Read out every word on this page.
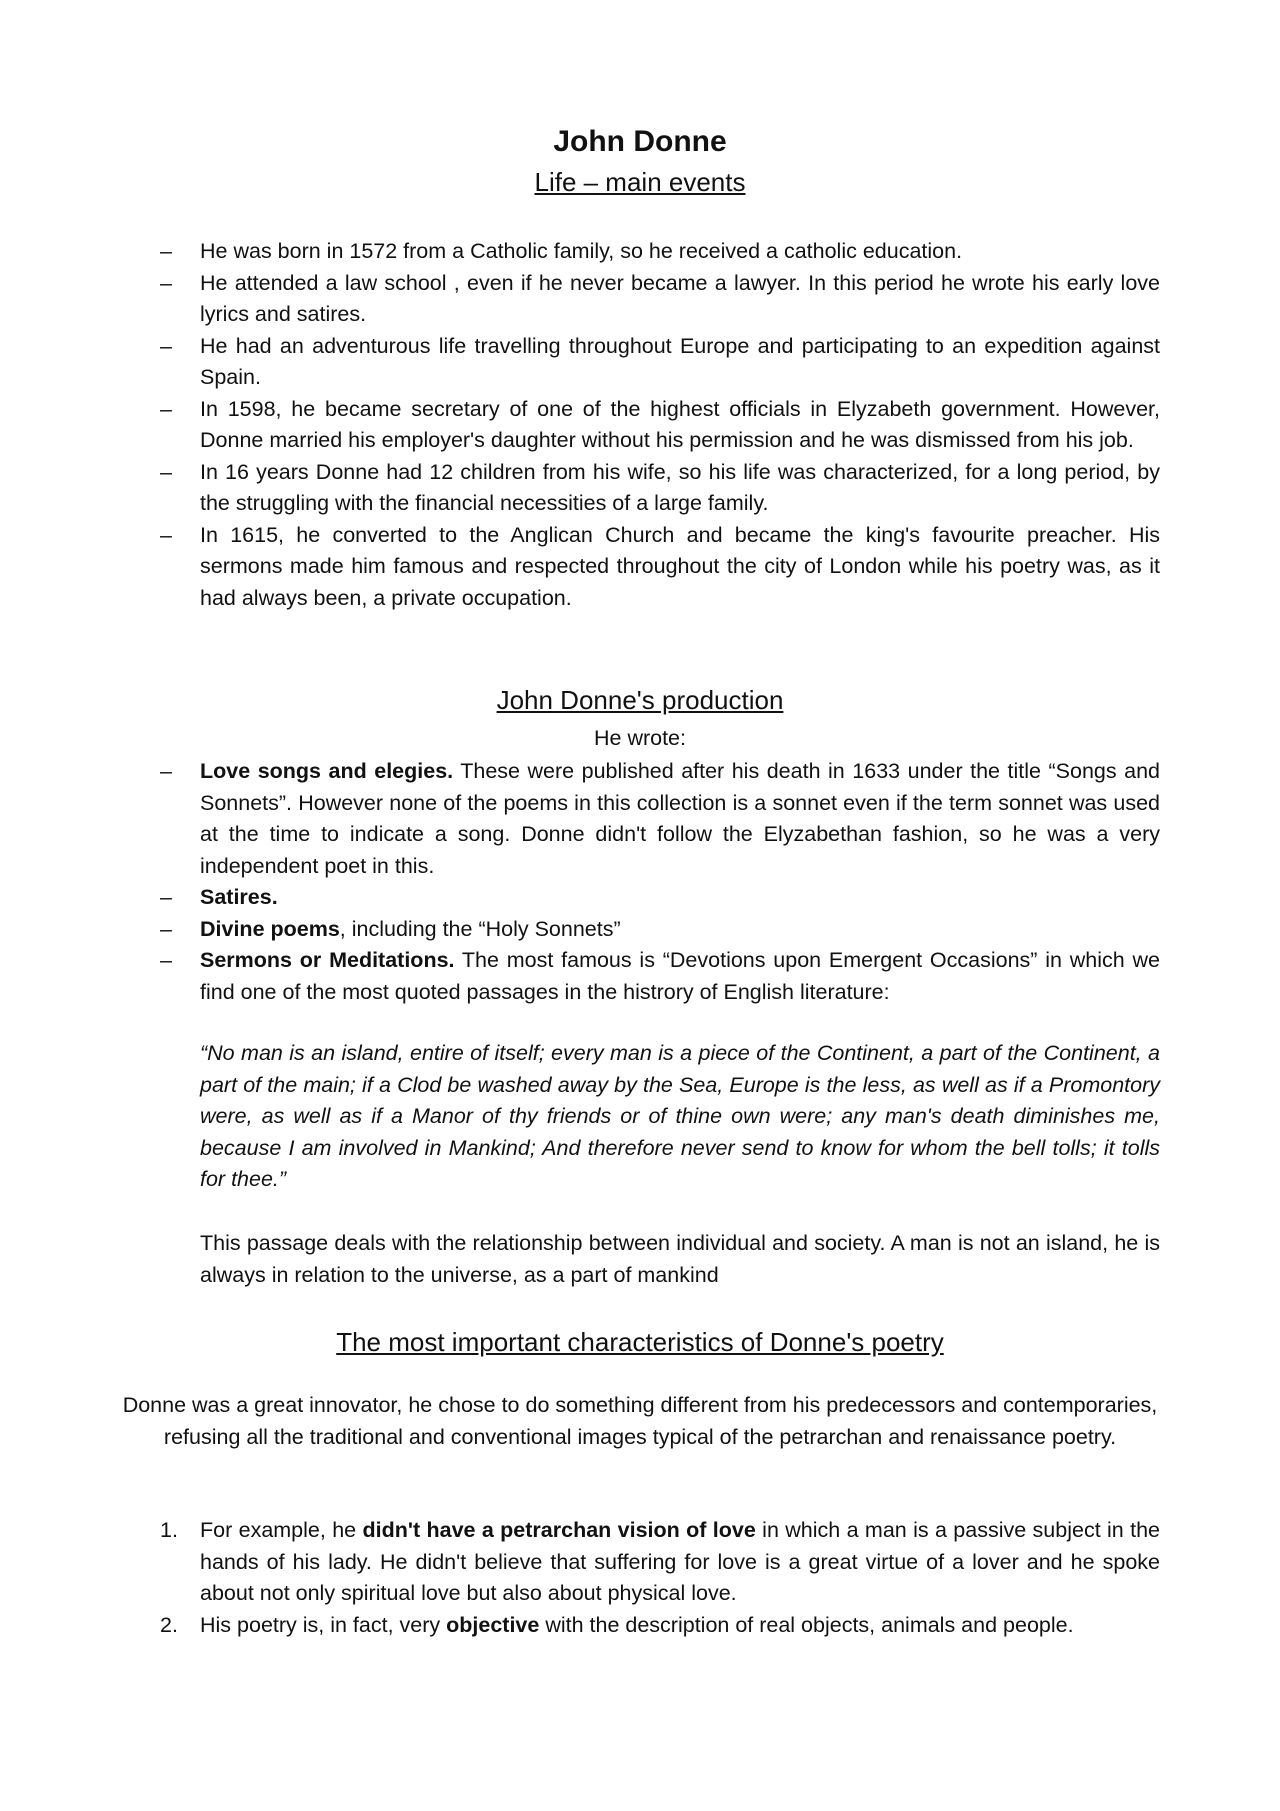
John Donne
Life – main events
– He was born in 1572 from a Catholic family, so he received a catholic education.
– He attended a law school , even if he never became a lawyer. In this period he wrote his early love lyrics and satires.
– He had an adventurous life travelling throughout Europe and participating to an expedition against Spain.
– In 1598, he became secretary of one of the highest officials in Elyzabeth government. However, Donne married his employer's daughter without his permission and he was dismissed from his job.
– In 16 years Donne had 12 children from his wife, so his life was characterized, for a long period, by the struggling with the financial necessities of a large family.
– In 1615, he converted to the Anglican Church and became the king's favourite preacher. His sermons made him famous and respected throughout the city of London while his poetry was, as it had always been, a private occupation.
John Donne's production
He wrote:
– Love songs and elegies. These were published after his death in 1633 under the title “Songs and Sonnets”. However none of the poems in this collection is a sonnet even if the term sonnet was used at the time to indicate a song. Donne didn't follow the Elyzabethan fashion, so he was a very independent poet in this.
– Satires.
– Divine poems, including the “Holy Sonnets”
– Sermons or Meditations. The most famous is “Devotions upon Emergent Occasions” in which we find one of the most quoted passages in the histrory of English literature:
“No man is an island, entire of itself; every man is a piece of the Continent, a part of the Continent, a part of the main; if a Clod be washed away by the Sea, Europe is the less, as well as if a Promontory were, as well as if a Manor of thy friends or of thine own were; any man's death diminishes me, because I am involved in Mankind; And therefore never send to know for whom the bell tolls; it tolls for thee.”
This passage deals with the relationship between individual and society. A man is not an island, he is always in relation to the universe, as a part of mankind
The most important characteristics of Donne's poetry
Donne was a great innovator, he chose to do something different from his predecessors and contemporaries, refusing all the traditional and conventional images typical of the petrarchan and renaissance poetry.
1. For example, he didn't have a petrarchan vision of love in which a man is a passive subject in the hands of his lady. He didn't believe that suffering for love is a great virtue of a lover and he spoke about not only spiritual love but also about physical love.
2. His poetry is, in fact, very objective with the description of real objects, animals and people.
